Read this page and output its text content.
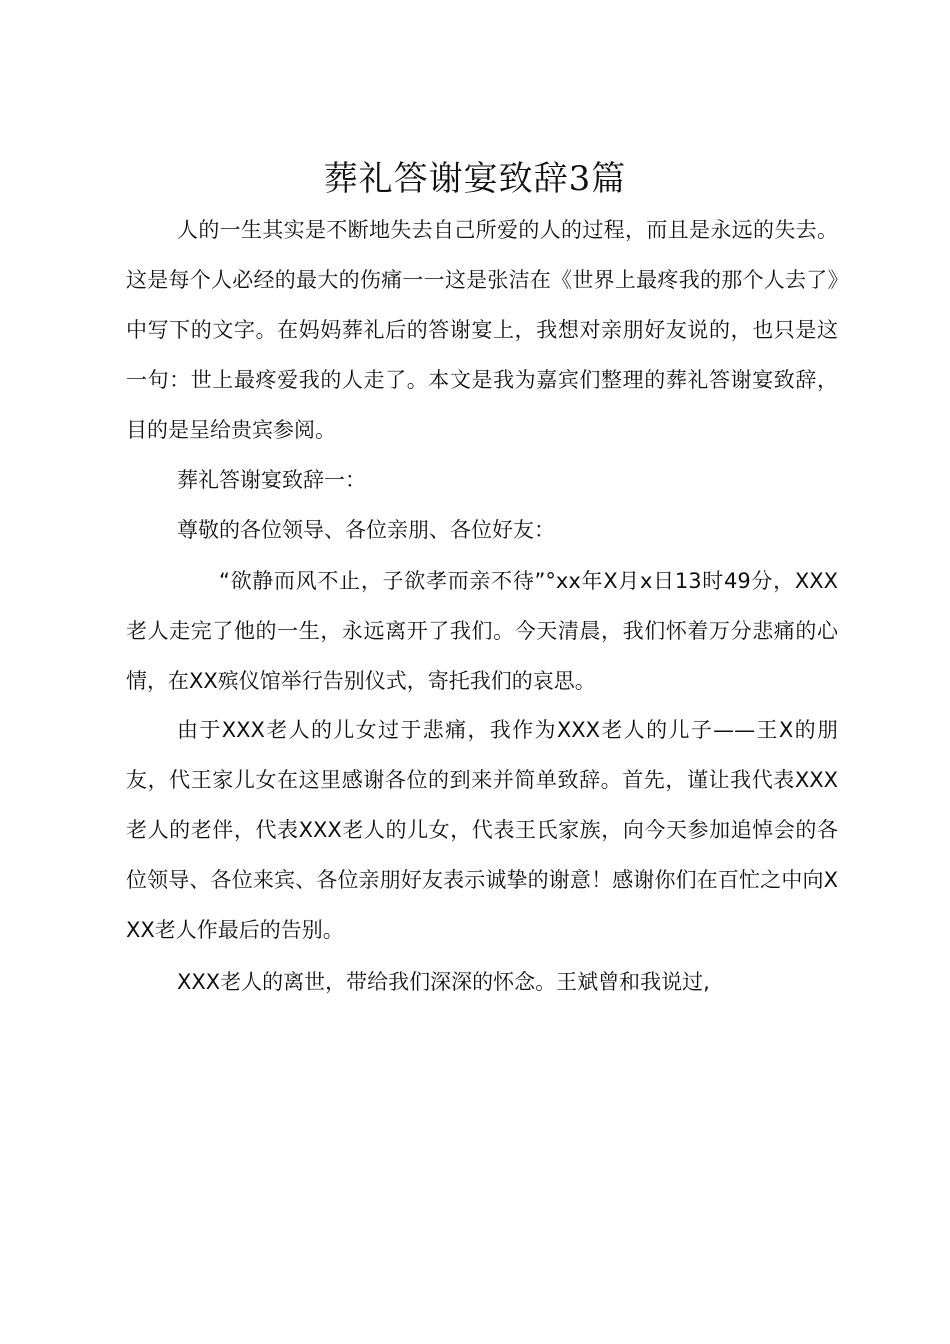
葬礼答谢宴致辞3篇

人的一生其实是不断地失去自己所爱的人的过程，而且是永远的失去。这是每个人必经的最大的伤痛一一这是张洁在《世界上最疼我的那个人去了》中写下的文字。在妈妈葬礼后的答谢宴上，我想对亲朋好友说的，也只是这一句：世上最疼爱我的人走了。本文是我为嘉宾们整理的葬礼答谢宴致辞，目的是呈给贵宾参阅。

葬礼答谢宴致辞一：

尊敬的各位领导、各位亲朋、各位好友：

“欲静而风不止，子欲孝而亲不待”°xx年X月x日13时49分，XXX老人走完了他的一生，永远离开了我们。今天清晨，我们怀着万分悲痛的心情，在XX殡仪馆举行告别仪式，寄托我们的哀思。

由于XXX老人的儿女过于悲痛，我作为XXX老人的儿子——王X的朋友，代王家儿女在这里感谢各位的到来并简单致辞。首先，谨让我代表XXX老人的老伴，代表XXX老人的儿女，代表王氏家族，向今天参加追悼会的各位领导、各位来宾、各位亲朋好友表示诚挚的谢意！感谢你们在百忙之中向XXX老人作最后的告别。

XXX老人的离世，带给我们深深的怀念。王斌曾和我说过,
